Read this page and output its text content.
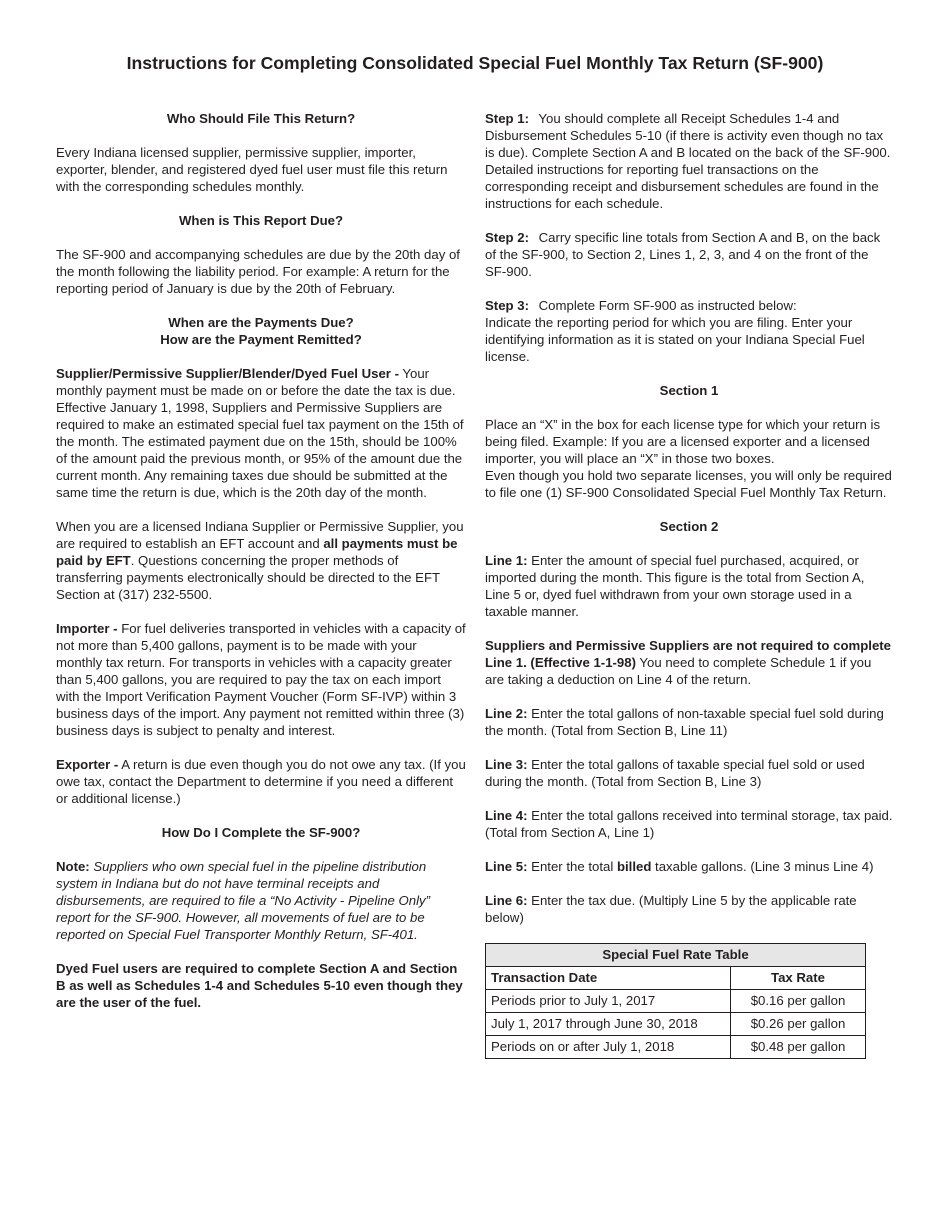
Instructions for Completing Consolidated Special Fuel Monthly Tax Return (SF-900)
Who Should File This Return?

Every Indiana licensed supplier, permissive supplier, importer, exporter, blender, and registered dyed fuel user must file this return with the corresponding schedules monthly.

When is This Report Due?

The SF-900 and accompanying schedules are due by the 20th day of the month following the liability period. For example: A return for the reporting period of January is due by the 20th of February.

When are the Payments Due?
How are the Payment Remitted?

Supplier/Permissive Supplier/Blender/Dyed Fuel User - Your monthly payment must be made on or before the date the tax is due. Effective January 1, 1998, Suppliers and Permissive Suppliers are required to make an estimated special fuel tax payment on the 15th of the month. The estimated payment due on the 15th, should be 100% of the amount paid the previous month, or 95% of the amount due the current month. Any remaining taxes due should be submitted at the same time the return is due, which is the 20th day of the month.

When you are a licensed Indiana Supplier or Permissive Supplier, you are required to establish an EFT account and all payments must be paid by EFT. Questions concerning the proper methods of transferring payments electronically should be directed to the EFT Section at (317) 232-5500.

Importer - For fuel deliveries transported in vehicles with a capacity of not more than 5,400 gallons, payment is to be made with your monthly tax return. For transports in vehicles with a capacity greater than 5,400 gallons, you are required to pay the tax on each import with the Import Verification Payment Voucher (Form SF-IVP) within 3 business days of the import. Any payment not remitted within three (3) business days is subject to penalty and interest.

Exporter - A return is due even though you do not owe any tax. (If you owe tax, contact the Department to determine if you need a different or additional license.)

How Do I Complete the SF-900?

Note: Suppliers who own special fuel in the pipeline distribution system in Indiana but do not have terminal receipts and disbursements, are required to file a “No Activity - Pipeline Only” report for the SF-900. However, all movements of fuel are to be reported on Special Fuel Transporter Monthly Return, SF-401.

Dyed Fuel users are required to complete Section A and Section B as well as Schedules 1-4 and Schedules 5-10 even though they are the user of the fuel.

Step 1: You should complete all Receipt Schedules 1-4 and Disbursement Schedules 5-10 (if there is activity even though no tax is due). Complete Section A and B located on the back of the SF-900. Detailed instructions for reporting fuel transactions on the corresponding receipt and disbursement schedules are found in the instructions for each schedule.

Step 2: Carry specific line totals from Section A and B, on the back of the SF-900, to Section 2, Lines 1, 2, 3, and 4 on the front of the SF-900.

Step 3: Complete Form SF-900 as instructed below:
Indicate the reporting period for which you are filing. Enter your identifying information as it is stated on your Indiana Special Fuel license.

Section 1

Place an “X” in the box for each license type for which your return is being filed. Example: If you are a licensed exporter and a licensed importer, you will place an “X” in those two boxes.
Even though you hold two separate licenses, you will only be required to file one (1) SF-900 Consolidated Special Fuel Monthly Tax Return.

Section 2

Line 1: Enter the amount of special fuel purchased, acquired, or imported during the month. This figure is the total from Section A, Line 5 or, dyed fuel withdrawn from your own storage used in a taxable manner.

Suppliers and Permissive Suppliers are not required to complete Line 1. (Effective 1-1-98) You need to complete Schedule 1 if you are taking a deduction on Line 4 of the return.

Line 2: Enter the total gallons of non-taxable special fuel sold during the month. (Total from Section B, Line 11)

Line 3: Enter the total gallons of taxable special fuel sold or used during the month. (Total from Section B, Line 3)

Line 4: Enter the total gallons received into terminal storage, tax paid. (Total from Section A, Line 1)

Line 5: Enter the total billed taxable gallons. (Line 3 minus Line 4)

Line 6: Enter the tax due. (Multiply Line 5 by the applicable rate below)

Special Fuel Rate Table	
Transaction Date	Tax Rate
Periods prior to July 1, 2017	$0.16 per gallon
July 1, 2017 through June 30, 2018	$0.26 per gallon
Periods on or after July 1, 2018	$0.48 per gallon
